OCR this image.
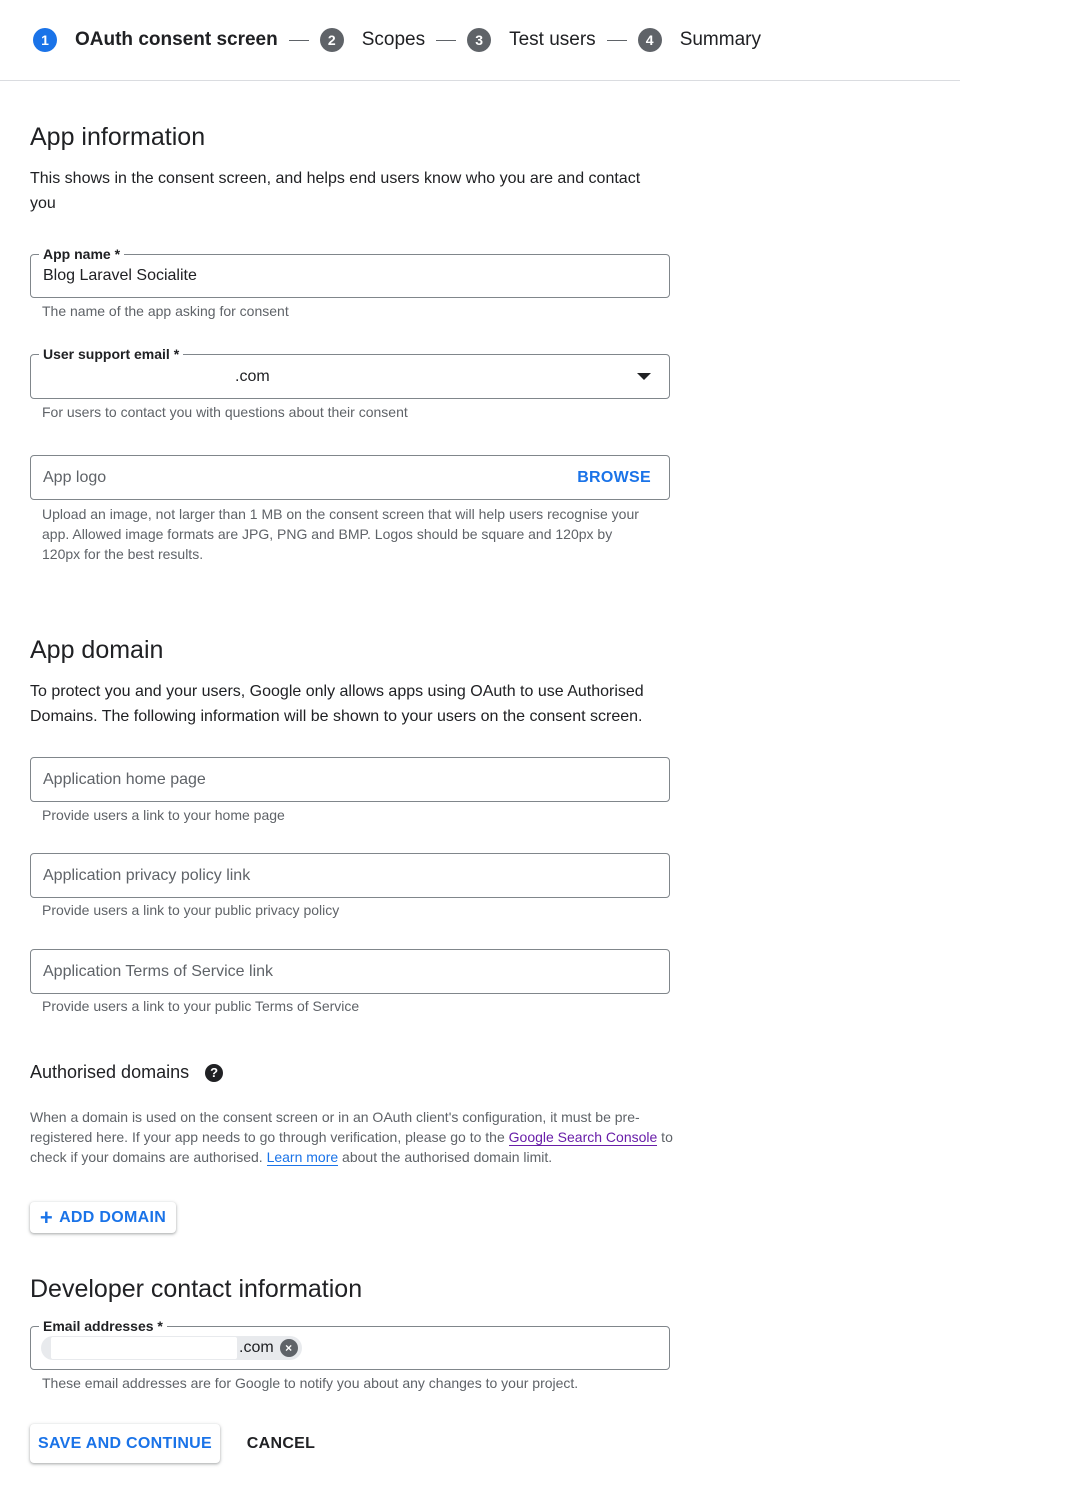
1	OAuth consent screen	2	Scopes	3	Test users	4	Summary
App information
This shows in the consent screen, and helps end users know who you are and contact you
App name *
Blog Laravel Socialite
The name of the app asking for consent
User support email *
.com
For users to contact you with questions about their consent
App logo	BROWSE
Upload an image, not larger than 1 MB on the consent screen that will help users recognise your app. Allowed image formats are JPG, PNG and BMP. Logos should be square and 120px by 120px for the best results.
App domain
To protect you and your users, Google only allows apps using OAuth to use Authorised Domains. The following information will be shown to your users on the consent screen.
Application home page
Provide users a link to your home page
Application privacy policy link
Provide users a link to your public privacy policy
Application Terms of Service link
Provide users a link to your public Terms of Service
Authorised domains	?
When a domain is used on the consent screen or in an OAuth client's configuration, it must be pre-registered here. If your app needs to go through verification, please go to the Google Search Console to check if your domains are authorised. Learn more about the authorised domain limit.
+ ADD DOMAIN
Developer contact information
Email addresses *
.com ×
These email addresses are for Google to notify you about any changes to your project.
SAVE AND CONTINUE	CANCEL
